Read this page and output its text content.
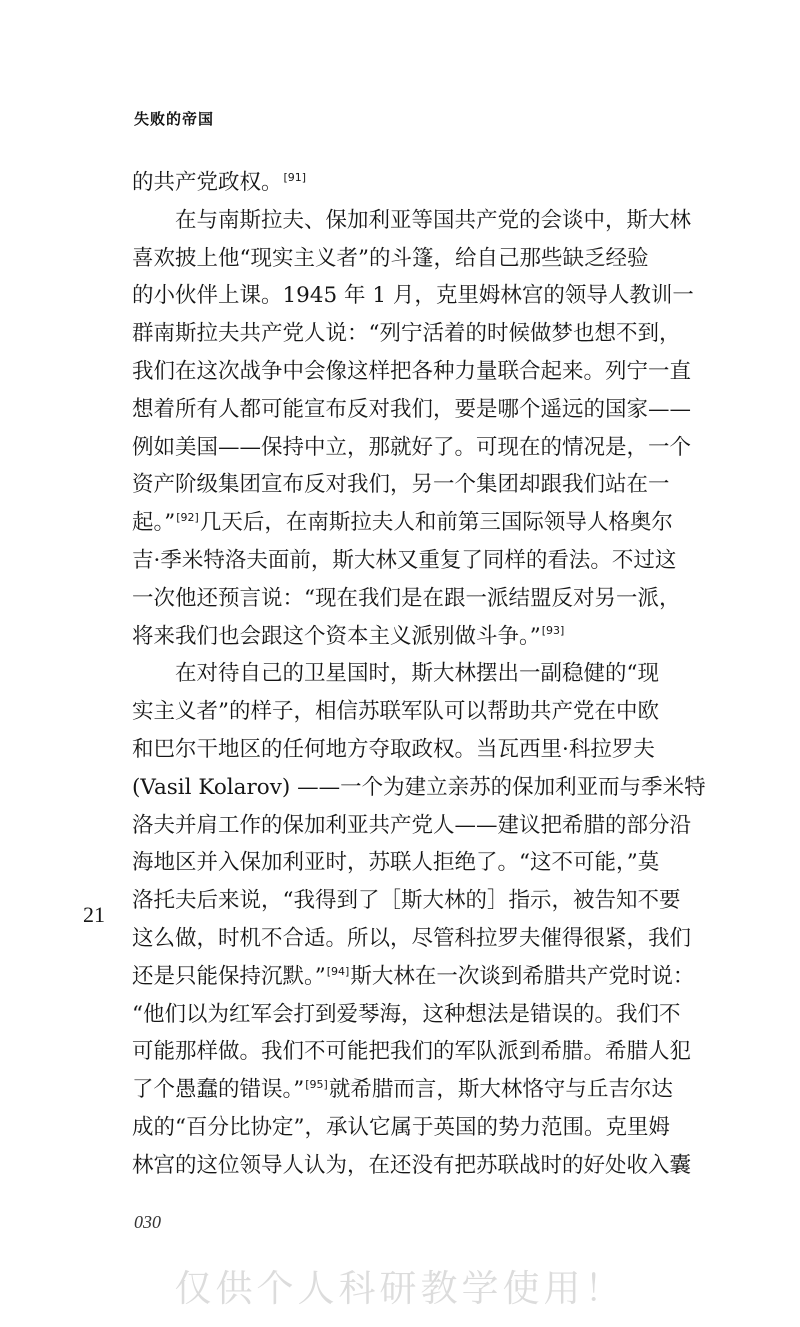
失败的帝国
的共产党政权。[91]
在与南斯拉夫、保加利亚等国共产党的会谈中，斯大林
喜欢披上他“现实主义者”的斗篷，给自己那些缺乏经验
的小伙伴上课。1945 年 1 月，克里姆林宫的领导人教训一
群南斯拉夫共产党人说：“列宁活着的时候做梦也想不到，
我们在这次战争中会像这样把各种力量联合起来。列宁一直
想着所有人都可能宣布反对我们，要是哪个遥远的国家——
例如美国——保持中立，那就好了。可现在的情况是，一个
资产阶级集团宣布反对我们，另一个集团却跟我们站在一
起。”[92]几天后，在南斯拉夫人和前第三国际领导人格奥尔
吉·季米特洛夫面前，斯大林又重复了同样的看法。不过这
一次他还预言说：“现在我们是在跟一派结盟反对另一派，
将来我们也会跟这个资本主义派别做斗争。”[93]
在对待自己的卫星国时，斯大林摆出一副稳健的“现
实主义者”的样子，相信苏联军队可以帮助共产党在中欧
和巴尔干地区的任何地方夺取政权。当瓦西里·科拉罗夫
(Vasil Kolarov) ——一个为建立亲苏的保加利亚而与季米特
洛夫并肩工作的保加利亚共产党人——建议把希腊的部分沿
海地区并入保加利亚时，苏联人拒绝了。“这不可能，”莫
洛托夫后来说，“我得到了［斯大林的］指示，被告知不要
这么做，时机不合适。所以，尽管科拉罗夫催得很紧，我们
还是只能保持沉默。”[94]斯大林在一次谈到希腊共产党时说：
“他们以为红军会打到爱琴海，这种想法是错误的。我们不
可能那样做。我们不可能把我们的军队派到希腊。希腊人犯
了个愚蠢的错误。”[95]就希腊而言，斯大林恪守与丘吉尔达
成的“百分比协定”，承认它属于英国的势力范围。克里姆
林宫的这位领导人认为，在还没有把苏联战时的好处收入囊
21
030
仅供个人科研教学使用！
